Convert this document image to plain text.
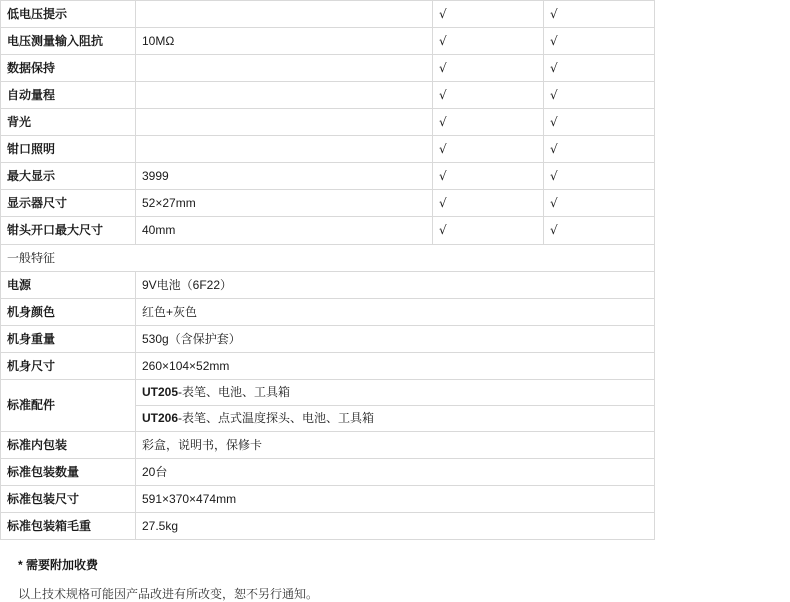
低电压提示		√	√
电压测量输入阻抗	10MΩ	√	√
数据保持		√	√
自动量程		√	√
背光		√	√
钳口照明		√	√
最大显示	3999	√	√
显示器尺寸	52×27mm	√	√
钳头开口最大尺寸	40mm	√	√
一般特征			
电源	9V电池（6F22）		
机身颜色	红色+灰色		
机身重量	530g（含保护套）		
机身尺寸	260×104×52mm		
标准配件	UT205-表笔、电池、工具箱
UT206-表笔、点式温度探头、电池、工具箱		

标准内包装	彩盒，说明书，保修卡		
标准包装数量	20台		
标准包装尺寸	591×370×474mm		
标准包装箱毛重	27.5kg		
* 需要附加收费
以上技术规格可能因产品改进有所改变，恕不另行通知。
